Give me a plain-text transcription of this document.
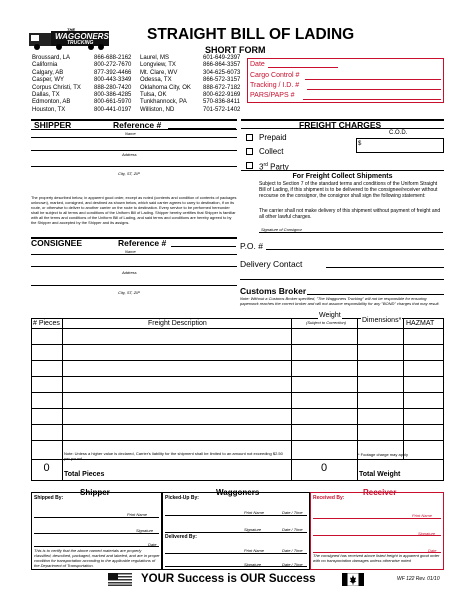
THE
WAGGONERS
TRUCKING	STRAIGHT BILL OF LADING
SHORT FORM
Broussard, LA	866-688-2162 Laurel, MS	601-649-2397
California	800-272-7670 Longview, TX	866-864-3357
Calgary, AB	877-392-4466 Mt. Clare, WV	304-625-6073
Casper, WY	800-443-3349 Odessa, TX	866-572-3157
Corpus Christi, TX 888-280-7420 Oklahoma City, OK 888-672-7182
Dallas, TX	800-386-4285 Tulsa, OK	800-622-9169
Edmonton, AB	800-661-5970 Tunkhannock, PA	570-836-8411
Houston, TX	800-441-0197 Williston, ND	701-572-1402
Date
Cargo Control #
Tracking / I.D. #
PARS/PAPS #
SHIPPER	Reference #
Name
Address
City, ST, ZIP
The property described below, in apparent good order, except as noted (contents and condition of contents of packages unknown), marked, consigned, and destined as shown below, which said carrier agrees to carry to destination, if on its route, or otherwise to deliver to another carrier on the route to destination. Every service to be performed hereunder shall be subject to all terms and conditions of the Uniform Bill of Lading. Shipper hereby certifies that Shipper is familiar with all the terms and conditions of the Uniform Bill of Lading, and said terms and conditions are hereby agreed to by the Shipper and accepted by the Shipper and its assigns.
CONSIGNEE	Reference #
Name
Address
City, ST, ZIP
FREIGHT CHARGES
C.O.D.
$
Prepaid
Collect
3rd Party
For Freight Collect Shipments
Subject to Section 7 of the standard terms and conditions of the Uniform Straight Bill of Lading, if this shipment is to be delivered to the consignee/receiver without recourse on the consignor, the consignor shall sign the following statement:
The carrier shall not make delivery of this shipment without payment of freight and all other lawful charges.
Signature of Consignor
P.O. #
Delivery Contact
Customs Broker
Note: Without a Customs Broker specified, "The Waggoners Trucking" will not be responsible for ensuring paperwork reaches the correct broker and will not assume responsibility for any "BOND" charges that may result.
# Pieces	Freight Description
Weight
(Subject to Correction) Dimensions* HAZMAT
Note: Unless a higher value is declared, Carrier's liability for the shipment shall be limited to an amount not exceeding $2.50 per pound.
* Footage charge may apply
0
Total Pieces
0
Total Weight
Shipper	Waggoners	Receiver
Shipped By:
Print Name
Signature
Date
This is to certify that the above named materials are properly classified, described, packaged, marked and labeled, and are in proper condition for transportation according to the applicable regulations of the Department of Transportation.
Picked-Up By:
Print Name	Date / Time
Signature	Date / Time
Delivered By:
Print Name	Date / Time
Signature	Date / Time
Received By:
Print Name
Signature
Date
The consigned has received above listed freight in apparent good order with no transportation damages unless otherwise noted
YOUR Success is OUR Success	WF 122 Rev. 01/10
